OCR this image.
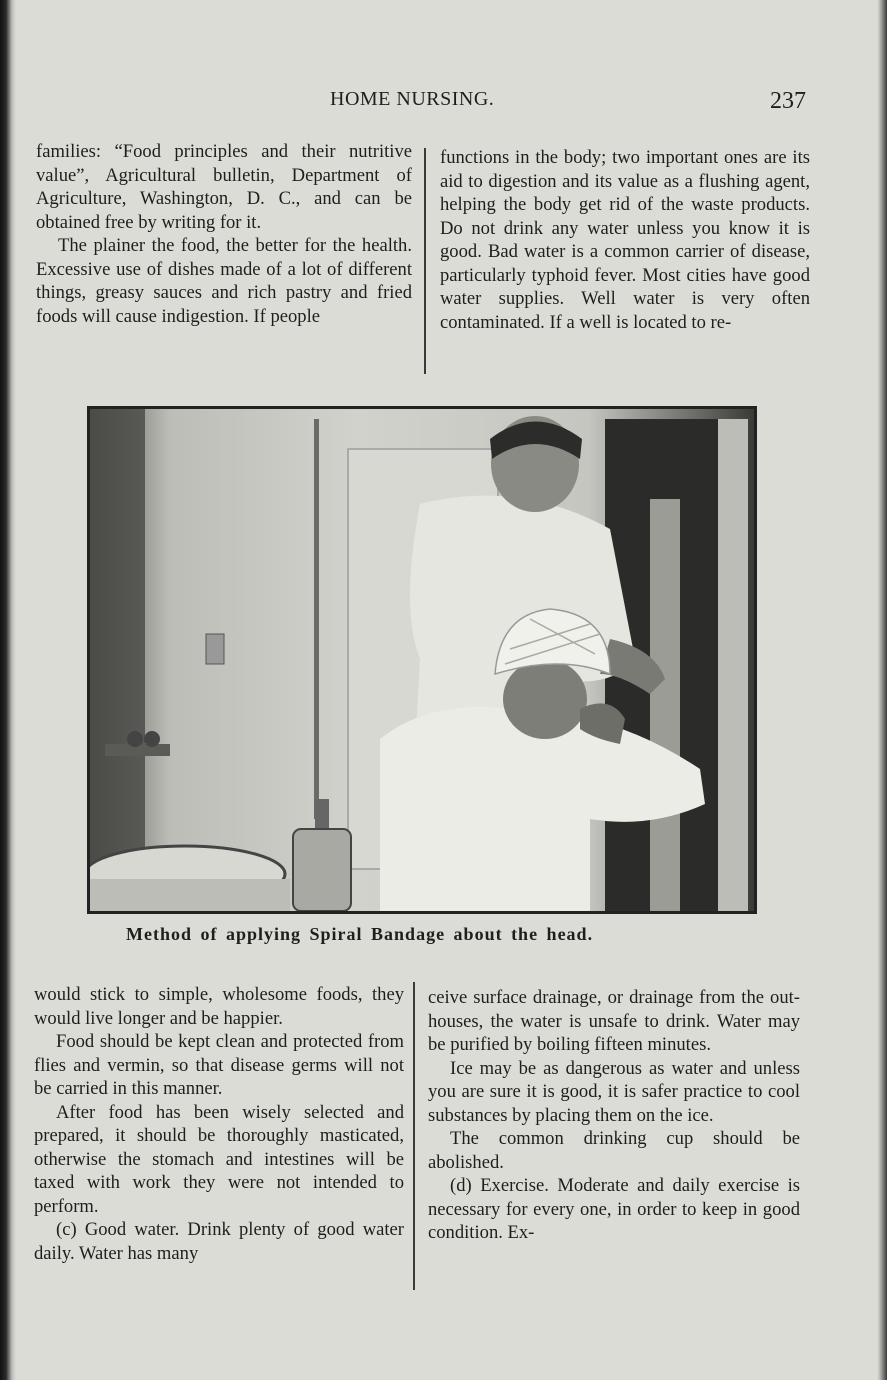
HOME NURSING.	237

families: “Food principles and their nutritive value”, Agricultural bulletin, Department of Agriculture, Washington, D. C., and can be obtained free by writing for it.

The plainer the food, the better for the health. Excessive use of dishes made of a lot of different things, greasy sauces and rich pastry and fried foods will cause indigestion. If people

functions in the body; two important ones are its aid to digestion and its value as a flushing agent, helping the body get rid of the waste products. Do not drink any water unless you know it is good. Bad water is a common carrier of disease, particularly typhoid fever. Most cities have good water supplies. Well water is very often contaminated. If a well is located to re-

Method of applying Spiral Bandage about the head.

would stick to simple, wholesome foods, they would live longer and be happier.

Food should be kept clean and protected from flies and vermin, so that disease germs will not be carried in this manner.

After food has been wisely selected and prepared, it should be thoroughly masticated, otherwise the stomach and intestines will be taxed with work they were not intended to perform.

(c) Good water. Drink plenty of good water daily. Water has many

ceive surface drainage, or drainage from the out-houses, the water is unsafe to drink. Water may be purified by boiling fifteen minutes.

Ice may be as dangerous as water and unless you are sure it is good, it is safer practice to cool substances by placing them on the ice.

The common drinking cup should be abolished.

(d) Exercise. Moderate and daily exercise is necessary for every one, in order to keep in good condition. Ex-
